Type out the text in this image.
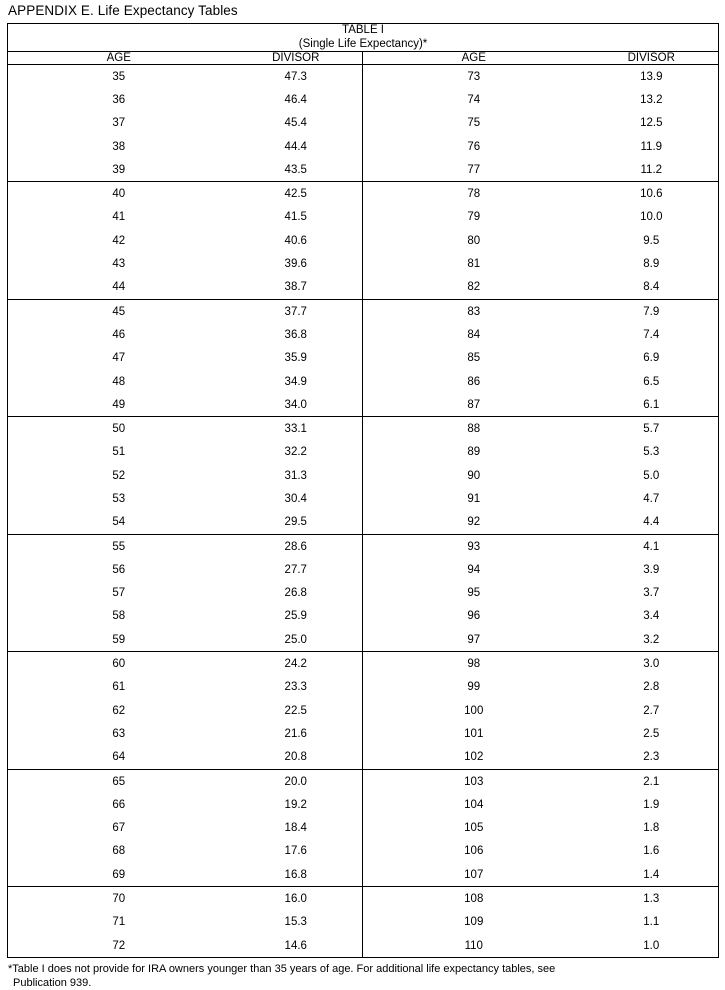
APPENDIX E. Life Expectancy Tables
TABLE I
(Single Life Expectancy)*			

AGE	DIVISOR	AGE	DIVISOR
35	47.3	73	13.9
36	46.4	74	13.2
37	45.4	75	12.5
38	44.4	76	11.9
39	43.5	77	11.2
40	42.5	78	10.6
41	41.5	79	10.0
42	40.6	80	9.5
43	39.6	81	8.9
44	38.7	82	8.4
45	37.7	83	7.9
46	36.8	84	7.4
47	35.9	85	6.9
48	34.9	86	6.5
49	34.0	87	6.1
50	33.1	88	5.7
51	32.2	89	5.3
52	31.3	90	5.0
53	30.4	91	4.7
54	29.5	92	4.4
55	28.6	93	4.1
56	27.7	94	3.9
57	26.8	95	3.7
58	25.9	96	3.4
59	25.0	97	3.2
60	24.2	98	3.0
61	23.3	99	2.8
62	22.5	100	2.7
63	21.6	101	2.5
64	20.8	102	2.3
65	20.0	103	2.1
66	19.2	104	1.9
67	18.4	105	1.8
68	17.6	106	1.6
69	16.8	107	1.4
70	16.0	108	1.3
71	15.3	109	1.1
72	14.6	110	1.0
*Table I does not provide for IRA owners younger than 35 years of age. For additional life expectancy tables, see
Publication 939.
